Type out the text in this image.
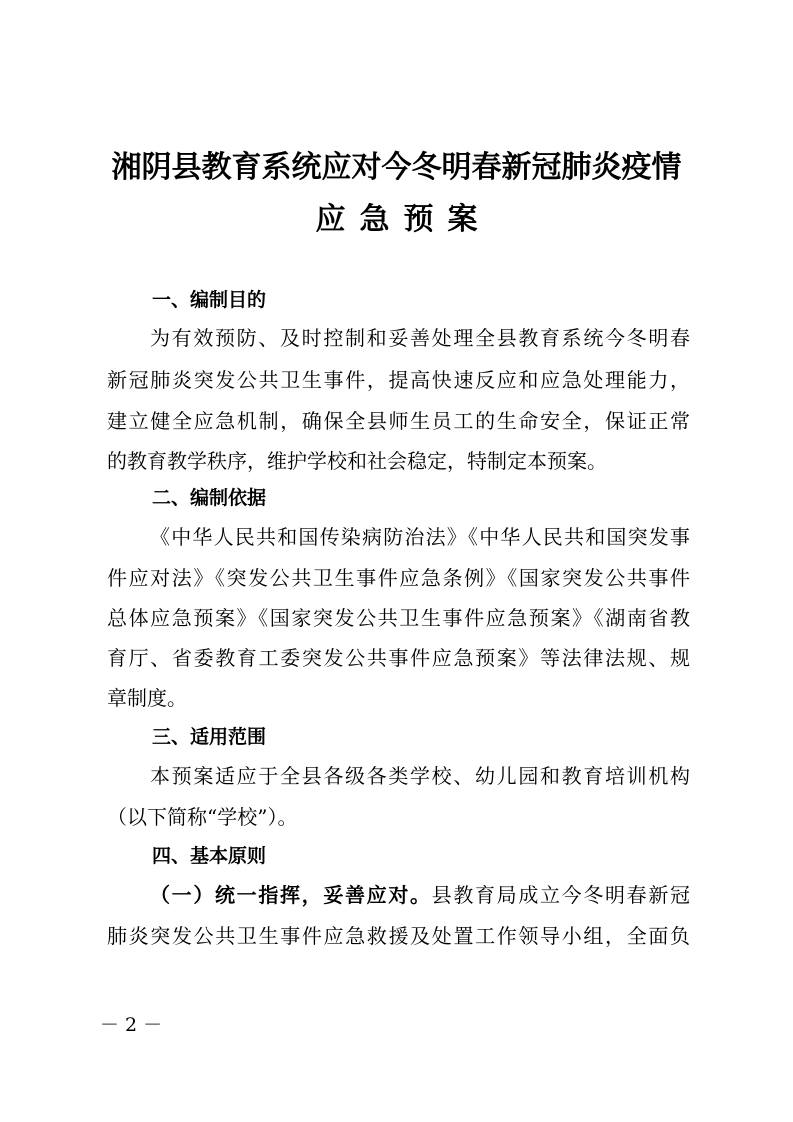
湘阴县教育系统应对今冬明春新冠肺炎疫情
应急预案
一、编制目的

为有效预防、及时控制和妥善处理全县教育系统今冬明春

新冠肺炎突发公共卫生事件，提高快速反应和应急处理能力，

建立健全应急机制，确保全县师生员工的生命安全，保证正常

的教育教学秩序，维护学校和社会稳定，特制定本预案。

二、编制依据

《中华人民共和国传染病防治法》《中华人民共和国突发事

件应对法》《突发公共卫生事件应急条例》《国家突发公共事件

总体应急预案》《国家突发公共卫生事件应急预案》《湖南省教

育厅、省委教育工委突发公共事件应急预案》等法律法规、规

章制度。

三、适用范围

本预案适应于全县各级各类学校、幼儿园和教育培训机构

（以下简称“学校”）。

四、基本原则

（一）统一指挥，妥善应对。县教育局成立今冬明春新冠

肺炎突发公共卫生事件应急救援及处置工作领导小组，全面负

－ 2 －
